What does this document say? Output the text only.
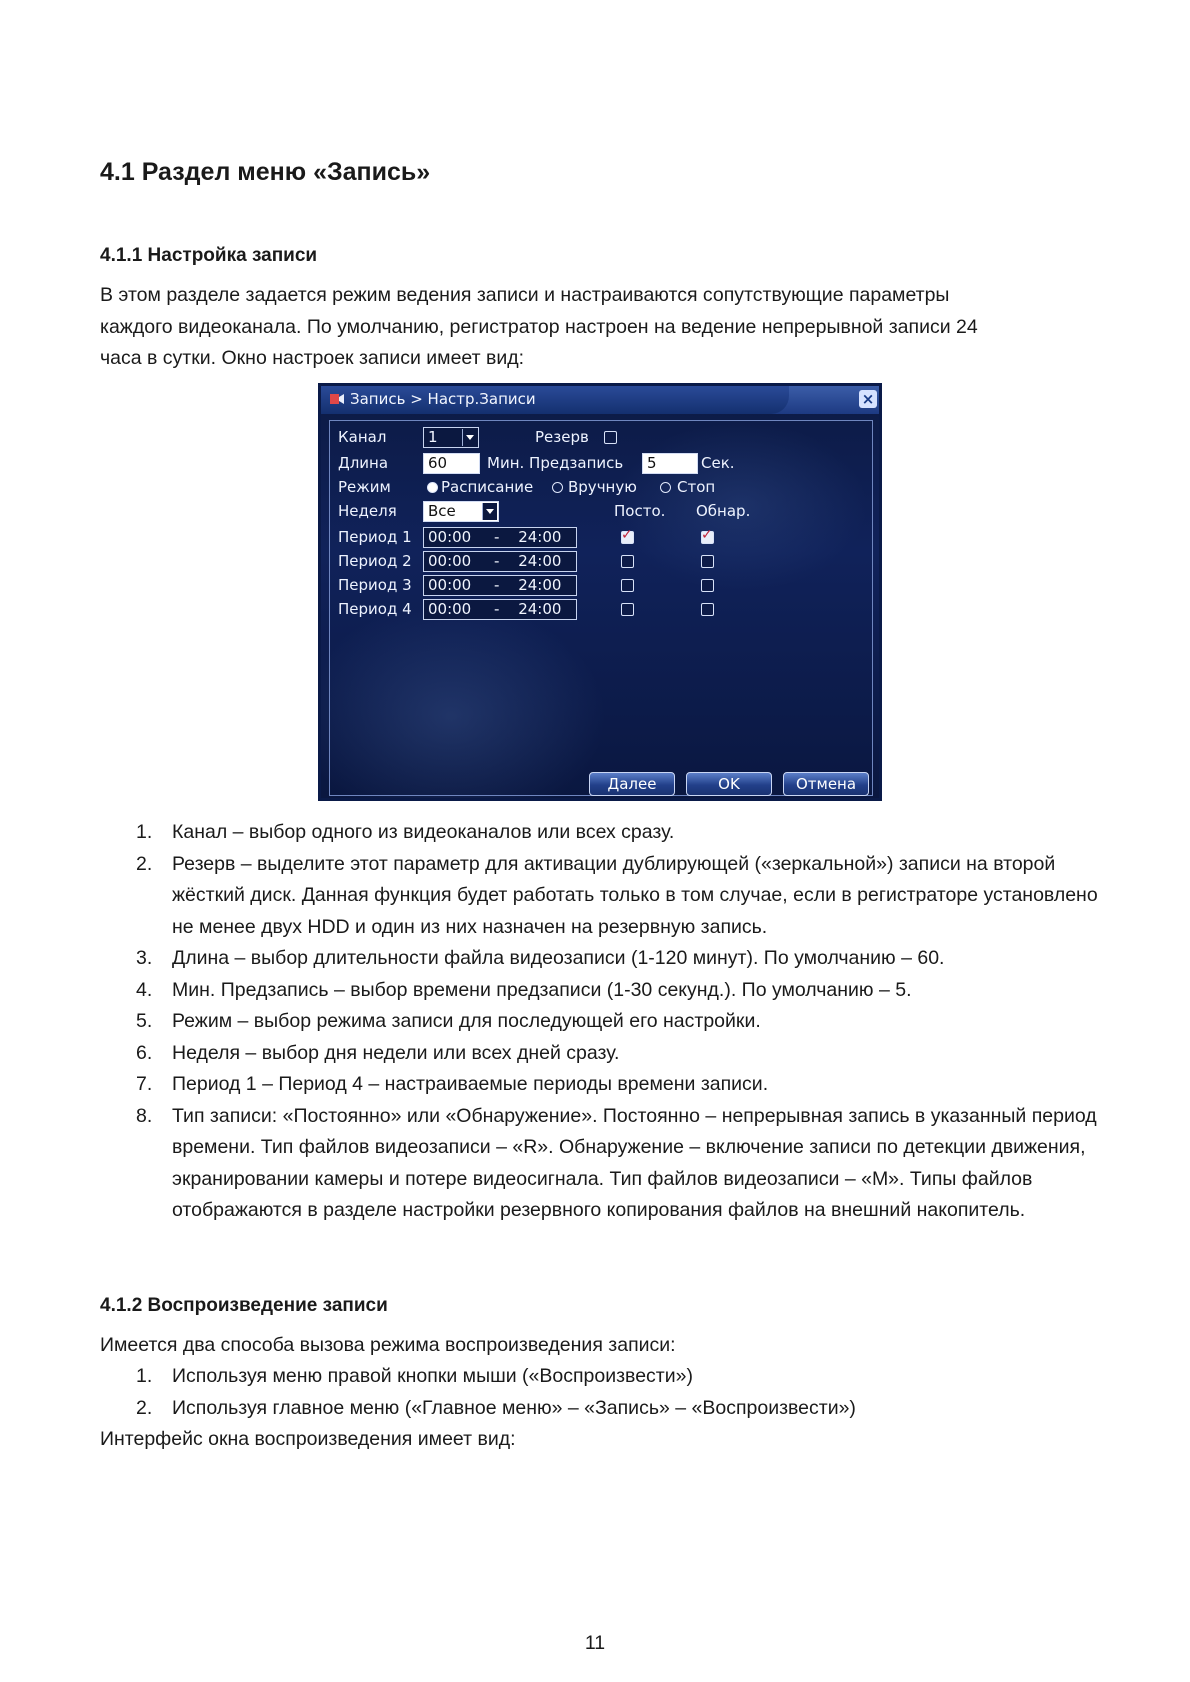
4.1 Раздел меню «Запись»
4.1.1 Настройка записи
В этом разделе задается режим ведения записи и настраиваются сопутствующие параметры
каждого видеоканала. По умолчанию, регистратор настроен на ведение непрерывной записи 24
часа в сутки. Окно настроек записи имеет вид:
Запись > Настр.Записи	×
Канал	1	Резерв
Длина	60	Мин. Предзапись	5	Сек.
Режим	Расписание Вручную	Стоп
Неделя	Все	Посто. Обнар.
Период 1	00:00 - 24:00	✓	✓
Период 2	00:00 - 24:00
Период 3	00:00 - 24:00
Период 4	00:00 - 24:00
Далее	OK	Отмена
1. Канал – выбор одного из видеоканалов или всех сразу.
2. Резерв – выделите этот параметр для активации дублирующей («зеркальной») записи на второй жёсткий диск. Данная функция будет работать только в том случае, если в регистраторе установлено не менее двух HDD и один из них назначен на резервную запись.
3. Длина – выбор длительности файла видеозаписи (1-120 минут). По умолчанию – 60.
4. Мин. Предзапись – выбор времени предзаписи (1-30 секунд.). По умолчанию – 5.
5. Режим – выбор режима записи для последующей его настройки.
6. Неделя – выбор дня недели или всех дней сразу.
7. Период 1 – Период 4 – настраиваемые периоды времени записи.
8. Тип записи: «Постоянно» или «Обнаружение». Постоянно – непрерывная запись в указанный период времени. Тип файлов видеозаписи – «R». Обнаружение – включение записи по детекции движения, экранировании камеры и потере видеосигнала. Тип файлов видеозаписи – «M». Типы файлов отображаются в разделе настройки резервного копирования файлов на внешний накопитель.
4.1.2 Воспроизведение записи
Имеется два способа вызова режима воспроизведения записи:
1. Используя меню правой кнопки мыши («Воспроизвести»)
2. Используя главное меню («Главное меню» – «Запись» – «Воспроизвести»)
Интерфейс окна воспроизведения имеет вид:
11
